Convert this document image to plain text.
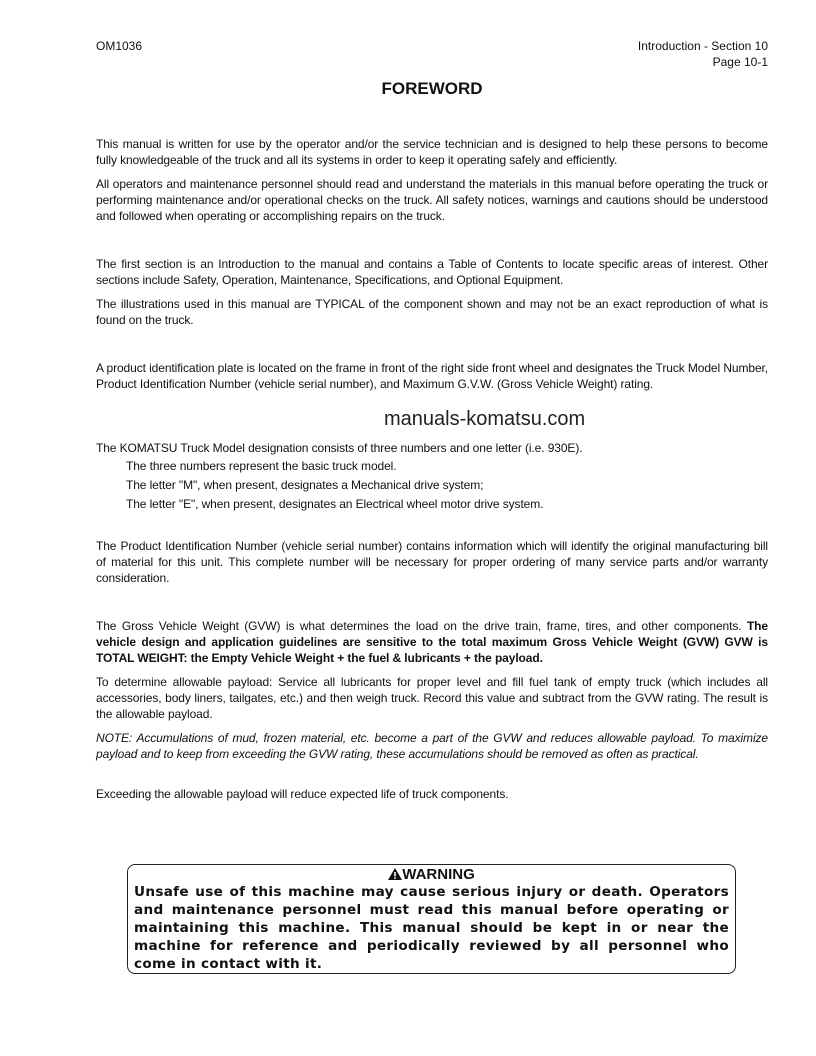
OM1036	Introduction - Section 10
Page 10-1
FOREWORD
This manual is written for use by the operator and/or the service technician and is designed to help these persons to become fully knowledgeable of the truck and all its systems in order to keep it operating safely and efficiently.
All operators and maintenance personnel should read and understand the materials in this manual before operating the truck or performing maintenance and/or operational checks on the truck. All safety notices, warnings and cautions should be understood and followed when operating or accomplishing repairs on the truck.
The first section is an Introduction to the manual and contains a Table of Contents to locate specific areas of interest. Other sections include Safety, Operation, Maintenance, Specifications, and Optional Equipment.
The illustrations used in this manual are TYPICAL of the component shown and may not be an exact reproduction of what is found on the truck.
A product identification plate is located on the frame in front of the right side front wheel and designates the Truck Model Number, Product Identification Number (vehicle serial number), and Maximum G.V.W. (Gross Vehicle Weight) rating.
manuals-komatsu.com
The KOMATSU Truck Model designation consists of three numbers and one letter (i.e. 930E).
The three numbers represent the basic truck model.
The letter "M", when present, designates a Mechanical drive system;
The letter "E", when present, designates an Electrical wheel motor drive system.
The Product Identification Number (vehicle serial number) contains information which will identify the original manufacturing bill of material for this unit. This complete number will be necessary for proper ordering of many service parts and/or warranty consideration.
The Gross Vehicle Weight (GVW) is what determines the load on the drive train, frame, tires, and other components. The vehicle design and application guidelines are sensitive to the total maximum Gross Vehicle Weight (GVW) GVW is TOTAL WEIGHT: the Empty Vehicle Weight + the fuel & lubricants + the payload.
To determine allowable payload: Service all lubricants for proper level and fill fuel tank of empty truck (which includes all accessories, body liners, tailgates, etc.) and then weigh truck. Record this value and subtract from the GVW rating. The result is the allowable payload.
NOTE: Accumulations of mud, frozen material, etc. become a part of the GVW and reduces allowable payload. To maximize payload and to keep from exceeding the GVW rating, these accumulations should be removed as often as practical.
Exceeding the allowable payload will reduce expected life of truck components.
WARNING
Unsafe use of this machine may cause serious injury or death. Operators and maintenance personnel must read this manual before operating or maintaining this machine. This manual should be kept in or near the machine for reference and periodically reviewed by all personnel who come in contact with it.
